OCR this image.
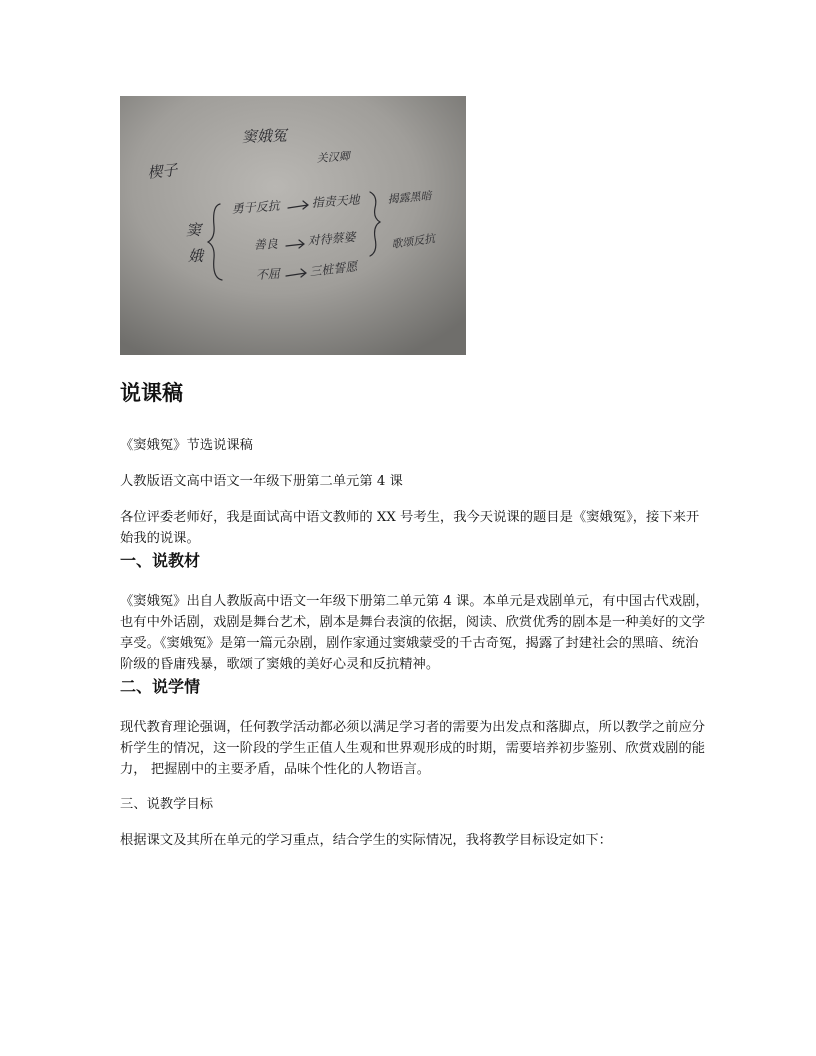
窦娥冤
关汉卿
楔子
窦
娥
勇于反抗	指责天地
善良 对待蔡婆
不屈 三桩誓愿
揭露黑暗
歌颂反抗
说课稿

《窦娥冤》节选说课稿

人教版语文高中语文一年级下册第二单元第 4 课

各位评委老师好，我是面试高中语文教师的 XX 号考生，我今天说课的题目是《窦娥冤》，接下来开始我的说课。

一、说教材

《窦娥冤》出自人教版高中语文一年级下册第二单元第 4 课。本单元是戏剧单元，有中国古代戏剧，也有中外话剧，戏剧是舞台艺术，剧本是舞台表演的依据，阅读、欣赏优秀的剧本是一种美好的文学享受。《窦娥冤》是第一篇元杂剧，剧作家通过窦娥蒙受的千古奇冤，揭露了封建社会的黑暗、统治阶级的昏庸残暴，歌颂了窦娥的美好心灵和反抗精神。

二、说学情

现代教育理论强调，任何教学活动都必须以满足学习者的需要为出发点和落脚点，所以教学之前应分析学生的情况，这一阶段的学生正值人生观和世界观形成的时期，需要培养初步鉴别、欣赏戏剧的能力， 把握剧中的主要矛盾，品味个性化的人物语言。

三、说教学目标

根据课文及其所在单元的学习重点，结合学生的实际情况，我将教学目标设定如下：
